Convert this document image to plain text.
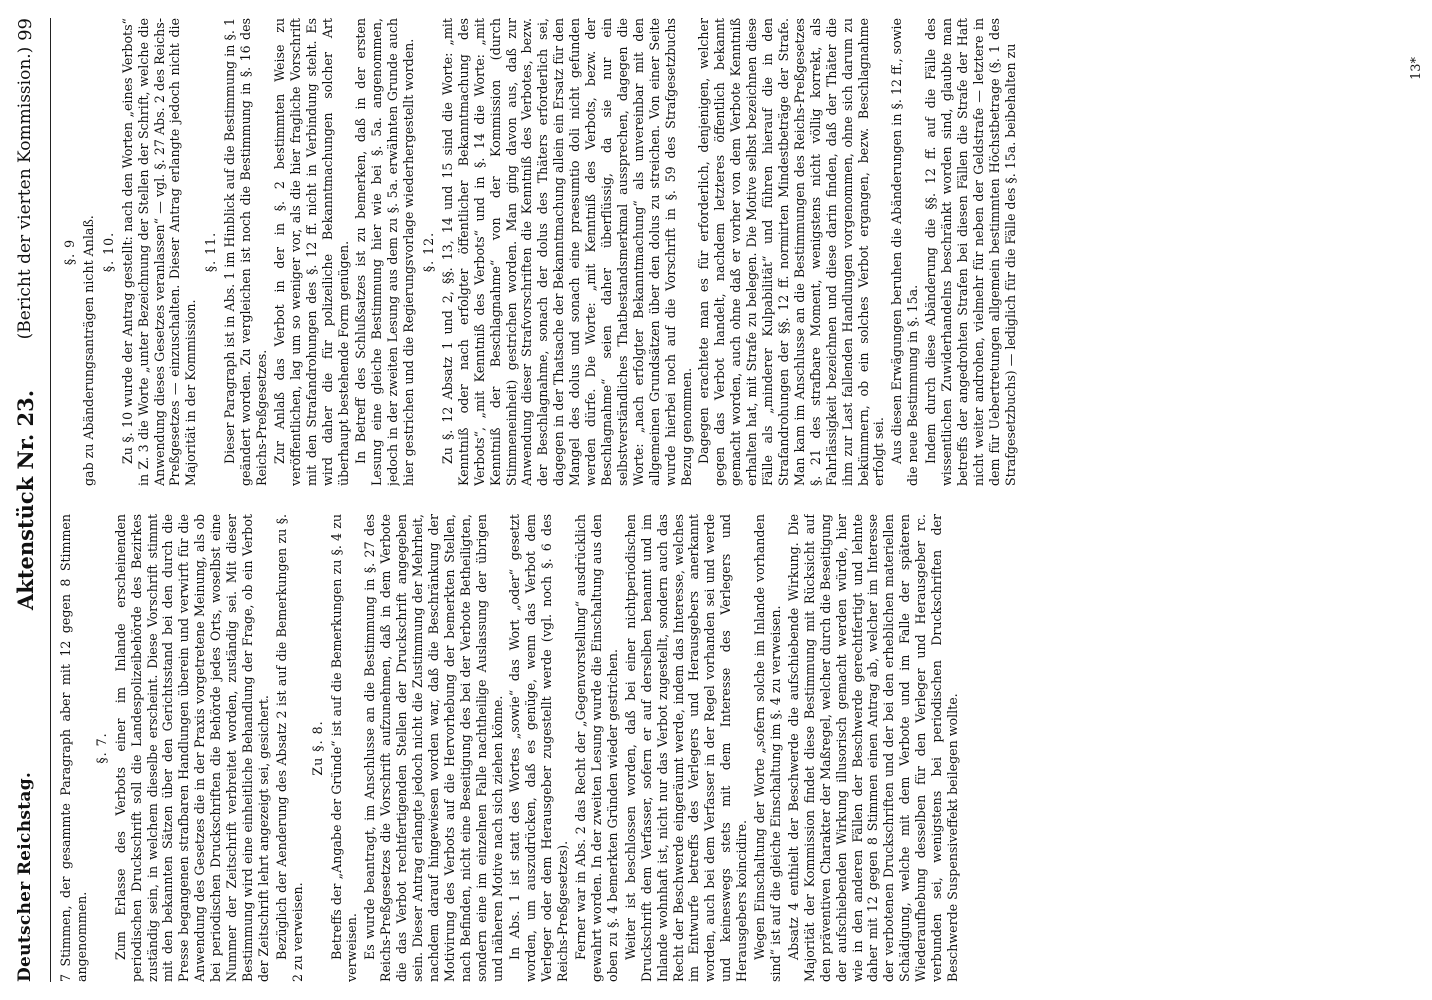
Deutscher Reichstag.
Aktenstück Nr. 23.
(Bericht der vierten Kommission.)
99

7 Stimmen, der gesammte Paragraph aber mit 12 gegen 8 Stimmen angenommen.

§. 7. Zum Erlasse des Verbots einer im Inlande erscheinenden periodischen Druckschrift soll die Landespolizeibehörde des Bezirkes zuständig sein, in welchem dieselbe erscheint. Diese Vorschrift stimmt mit den bekannten Sätzen über den Gerichtsstand bei den durch die Presse begangenen strafbaren Handlungen überein und verwirft für die Anwendung des Gesetzes die in der Praxis vorgetretene Meinung, als ob bei periodischen Druckschriften die Behörde jedes Orts, woselbst eine Nummer der Zeitschrift verbreitet worden, zuständig sei. Mit dieser Bestimmung wird eine einheitliche Behandlung der Frage, ob ein Verbot der Zeitschrift lehrt angezeigt sei, gesichert. Bezüglich der Aenderung des Absatz 2 ist auf die Bemerkungen zu §. 2 zu verweisen.

Zu §. 8. Betreffs der „Angabe der Gründe“ ist auf die Bemerkungen zu §. 4 zu verweisen. Es wurde beantragt, im Anschlusse an die Bestimmung in §. 27 des Reichs-Preßgesetzes die Vorschrift aufzunehmen, daß in dem Verbote die das Verbot rechtfertigenden Stellen der Druckschrift angegeben sein. Dieser Antrag erlangte jedoch nicht die Zustimmung der Mehrheit, nachdem darauf hingewiesen worden war, daß die Beschränkung der Motivirung des Verbots auf die Hervorhebung der bemerkten Stellen, nach Befinden, nicht eine Beseitigung des bei der Verbote Betheiligten, sondern eine im einzelnen Falle nachtheilige Auslassung der übrigen und näheren Motive nach sich ziehen könne. In Abs. 1 ist statt des Wortes „sowie“ das Wort „oder“ gesetzt worden, um auszudrücken, daß es genüge, wenn das Verbot dem Verleger oder dem Herausgeber zugestellt werde (vgl. noch §. 6 des Reichs-Preßgesetzes). Ferner war in Abs. 2 das Recht der „Gegenvorstellung“ ausdrücklich gewahrt worden. In der zweiten Lesung wurde die Einschaltung aus den oben zu §. 4 bemerkten Gründen wieder gestrichen. Weiter ist beschlossen worden, daß bei einer nichtperiodischen Druckschrift dem Verfasser, sofern er auf derselben benannt und im Inlande wohnhaft ist, nicht nur das Verbot zugestellt, sondern auch das Recht der Beschwerde eingeräumt werde, indem das Interesse, welches im Entwurfe betreffs des Verlegers und Herausgebers anerkannt worden, auch bei dem Verfasser in der Regel vorhanden sei und werde und keineswegs stets mit dem Interesse des Verlegers und Herausgebers koincidire. Wegen Einschaltung der Worte „sofern solche im Inlande vorhanden sind“ ist auf die gleiche Einschaltung im §. 4 zu verweisen. Absatz 4 enthielt der Beschwerde die aufschiebende Wirkung. Die Majorität der Kommission findet diese Bestimmung mit Rücksicht auf den präventiven Charakter der Maßregel, welcher durch die Beseitigung der aufschiebenden Wirkung illusorisch gemacht werden würde, hier wie in den anderen Fällen der Beschwerde gerechtfertigt und lehnte daher mit 12 gegen 8 Stimmen einen Antrag ab, welcher im Interesse der verbotenen Druckschriften und der bei den erheblichen materiellen Schädigung, welche mit dem Verbote und im Falle der späteren Wiederaufhebung desselben für den Verleger und Herausgeber rc. verbunden sei, wenigstens bei periodischen Druckschriften der Beschwerde Suspensiveffekt beilegen wollte.

§. 9 gab zu Abänderungsanträgen nicht Anlaß. §. 10. Zu §. 10 wurde der Antrag gestellt: nach den Worten „eines Verbots“ in Z. 3 die Worte „unter Bezeichnung der Stellen der Schrift, welche die Anwendung dieses Gesetzes veranlassen“ — vgl. §. 27 Abs. 2 des Reichs-Preßgesetzes — einzuschalten. Dieser Antrag erlangte jedoch nicht die Majorität in der Kommission.

§. 11. Dieser Paragraph ist in Abs. 1 im Hinblick auf die Bestimmung in §. 1 geändert worden. Zu vergleichen ist noch die Bestimmung in §. 16 des Reichs-Preßgesetzes. Zur Anlaß das Verbot in der in §. 2 bestimmten Weise zu veröffentlichen, lag um so weniger vor, als die hier fragliche Vorschrift mit den Strafandrohungen des §. 12 ff. nicht in Verbindung steht. Es wird daher die für polizeiliche Bekanntmachungen solcher Art überhaupt bestehende Form genügen. In Betreff des Schlußsatzes ist zu bemerken, daß in der ersten Lesung eine gleiche Bestimmung hier wie bei §. 5a. angenommen, jedoch in der zweiten Lesung aus dem zu §. 5a. erwähnten Grunde auch hier gestrichen und die Regierungsvorlage wiederhergestellt worden. §. 12. Zu §. 12 Absatz 1 und 2, §§. 13, 14 und 15 sind die Worte: „mit Kenntniß oder nach erfolgter öffentlicher Bekanntmachung des Verbots“, „mit Kenntniß des Verbots“ und in §. 14 die Worte: „mit Kenntniß der Beschlagnahme“ von der Kommission (durch Stimmeneinheit) gestrichen worden. Man ging davon aus, daß zur Anwendung dieser Strafvorschriften die Kenntniß des Verbotes, bezw. der Beschlagnahme, sonach der dolus des Thäters erforderlich sei, dagegen in der Thatsache der Bekanntmachung allein ein Ersatz für den Mangel des dolus und sonach eine praesumtio doli nicht gefunden werden dürfe. Die Worte: „mit Kenntniß des Verbots, bezw. der Beschlagnahme“ seien daher überflüssig, da sie nur ein selbstverständliches Thatbestandsmerkmal aussprechen, dagegen die Worte: „nach erfolgter Bekanntmachung“ als unvereinbar mit den allgemeinen Grundsätzen über den dolus zu streichen. Von einer Seite wurde hierbei noch auf die Vorschrift in §. 59 des Strafgesetzbuchs Bezug genommen. Dagegen erachtete man es für erforderlich, denjenigen, welcher gegen das Verbot handelt, nachdem letzteres öffentlich bekannt gemacht worden, auch ohne daß er vorher von dem Verbote Kenntniß erhalten hat, mit Strafe zu belegen. Die Motive selbst bezeichnen diese Fälle als „minderer Kulpabilität“ und führen hierauf die in den Strafandrohungen der §§. 12 ff. normirten Mindestbeträge der Strafe. Man kam im Anschlusse an die Bestimmungen des Reichs-Preßgesetzes §. 21 des strafbare Moment, wenigstens nicht völlig korrekt, als Fahrlässigkeit bezeichnen und diese darin finden, daß der Thäter die ihm zur Last fallenden Handlungen vorgenommen, ohne sich darum zu bekümmern, ob ein solches Verbot ergangen, bezw. Beschlagnahme erfolgt sei. Aus diesen Erwägungen beruhen die Abänderungen in §. 12 ff., sowie die neue Bestimmung in §. 15a. Indem durch diese Abänderung die §§. 12 ff. auf die Fälle des wissentlichen Zuwiderhandelns beschränkt worden sind, glaubte man betreffs der angedrohten Strafen bei diesen Fällen die Strafe der Haft nicht weiter androhen, vielmehr für neben der Geldstrafe — letztere in dem für Uebertretungen allgemein bestimmten Höchstbetrage (§. 1 des Strafgesetzbuchs) — lediglich für die Fälle des §. 15a. beibehalten zu	13*
